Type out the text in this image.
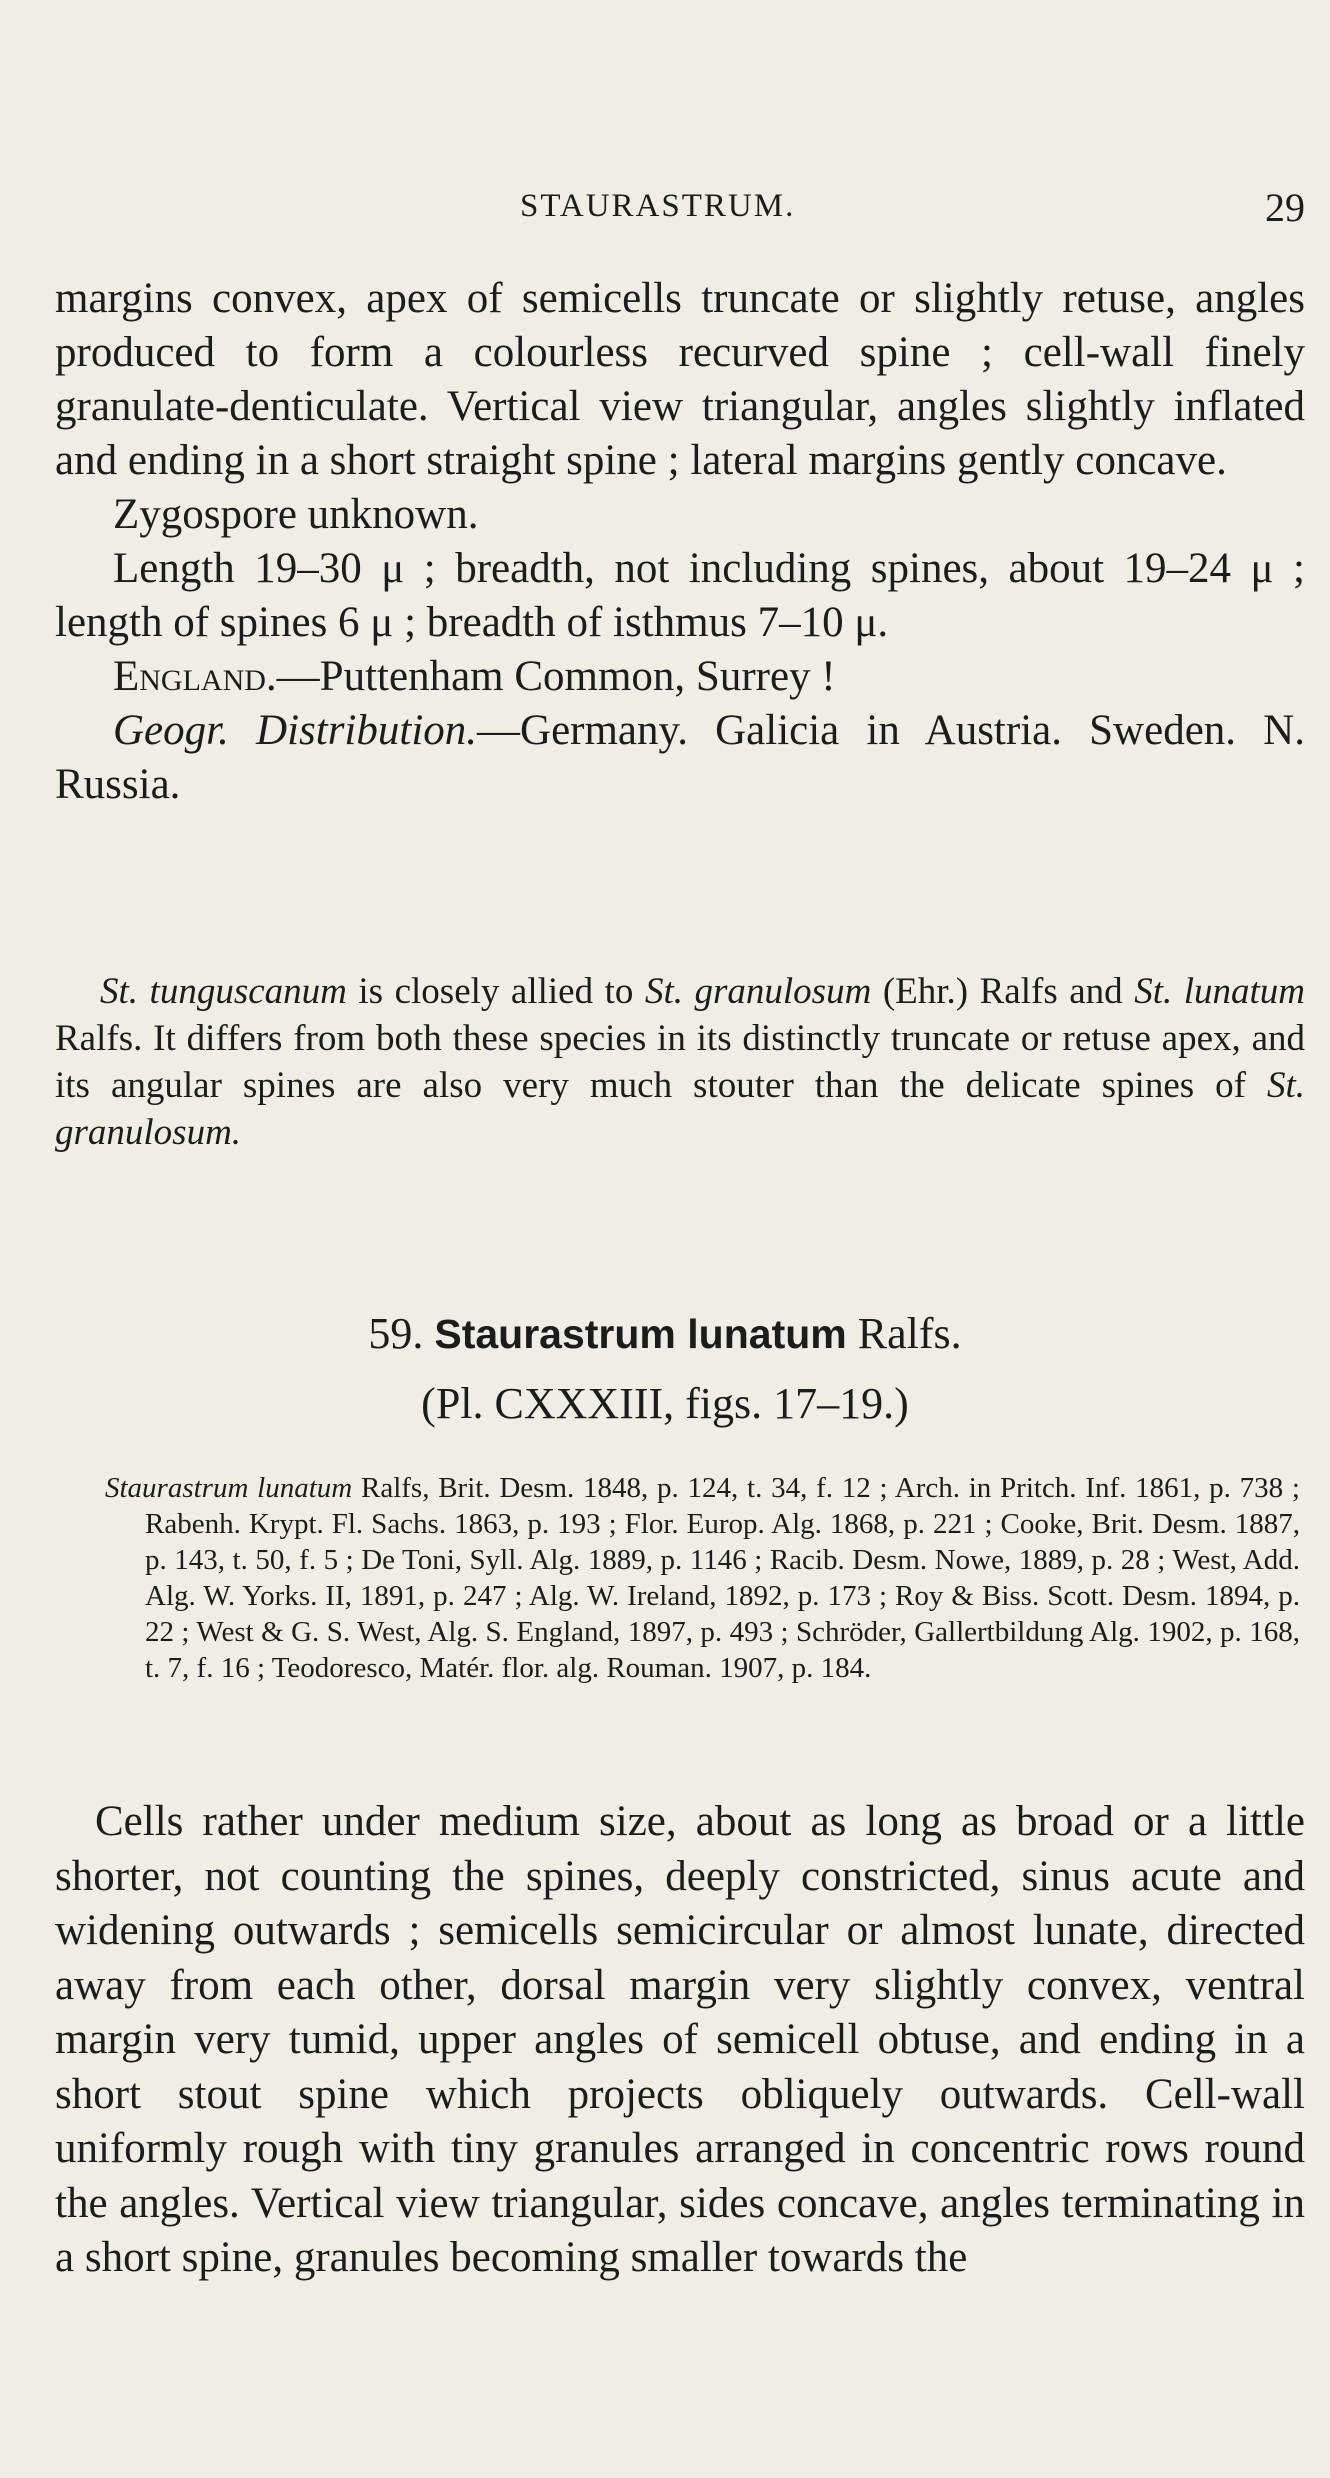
STAURASTRUM.	29

margins convex, apex of semicells truncate or slightly retuse, angles produced to form a colourless recurved spine ; cell-wall finely granulate-denticulate. Vertical view triangular, angles slightly inflated and ending in a short straight spine ; lateral margins gently concave.

Zygospore unknown.

Length 19–30 μ ; breadth, not including spines, about 19–24 μ ; length of spines 6 μ ; breadth of isthmus 7–10 μ.

England.—Puttenham Common, Surrey !

Geogr. Distribution.—Germany. Galicia in Austria. Sweden. N. Russia.

St. tunguscanum is closely allied to St. granulosum (Ehr.) Ralfs and St. lunatum Ralfs. It differs from both these species in its distinctly truncate or retuse apex, and its angular spines are also very much stouter than the delicate spines of St. granulosum.

59. Staurastrum lunatum Ralfs.
(Pl. CXXXIII, figs. 17–19.)

Staurastrum lunatum Ralfs, Brit. Desm. 1848, p. 124, t. 34, f. 12 ; Arch. in Pritch. Inf. 1861, p. 738 ; Rabenh. Krypt. Fl. Sachs. 1863, p. 193 ; Flor. Europ. Alg. 1868, p. 221 ; Cooke, Brit. Desm. 1887, p. 143, t. 50, f. 5 ; De Toni, Syll. Alg. 1889, p. 1146 ; Racib. Desm. Nowe, 1889, p. 28 ; West, Add. Alg. W. Yorks. II, 1891, p. 247 ; Alg. W. Ireland, 1892, p. 173 ; Roy & Biss. Scott. Desm. 1894, p. 22 ; West & G. S. West, Alg. S. England, 1897, p. 493 ; Schröder, Gallertbildung Alg. 1902, p. 168, t. 7, f. 16 ; Teodoresco, Matér. flor. alg. Rouman. 1907, p. 184.

Cells rather under medium size, about as long as broad or a little shorter, not counting the spines, deeply constricted, sinus acute and widening outwards ; semicells semicircular or almost lunate, directed away from each other, dorsal margin very slightly convex, ventral margin very tumid, upper angles of semicell obtuse, and ending in a short stout spine which projects obliquely outwards. Cell-wall uniformly rough with tiny granules arranged in concentric rows round the angles. Vertical view triangular, sides concave, angles terminating in a short spine, granules becoming smaller towards the
